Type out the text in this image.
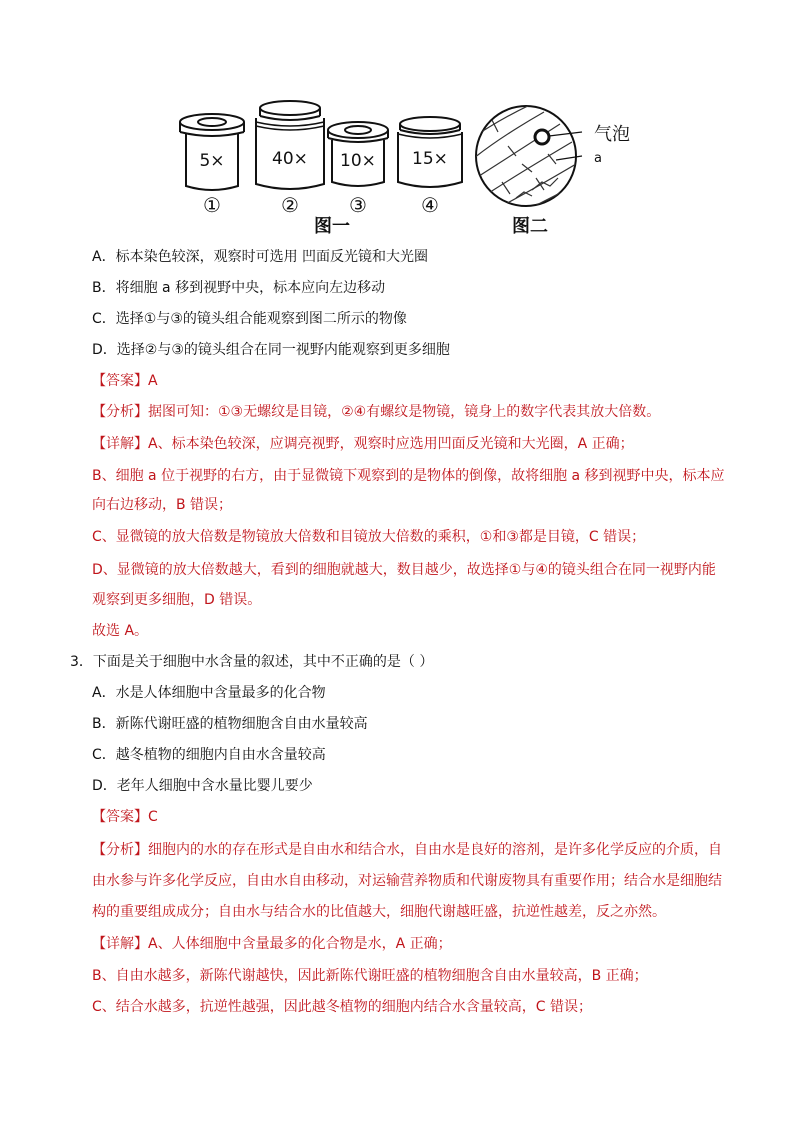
5×
①
40×
②
10×
③
15×
④
图一
气泡
a
图二
A．标本染色较深，观察时可选用 凹面反光镜和大光圈
B．将细胞 a 移到视野中央，标本应向左边移动
C．选择①与③的镜头组合能观察到图二所示的物像
D．选择②与③的镜头组合在同一视野内能观察到更多细胞
【答案】A
【分析】据图可知：①③无螺纹是目镜，②④有螺纹是物镜，镜身上的数字代表其放大倍数。
【详解】A、标本染色较深，应调亮视野，观察时应选用凹面反光镜和大光圈，A 正确；
B、细胞 a 位于视野的右方，由于显微镜下观察到的是物体的倒像，故将细胞 a 移到视野中央，标本应
向右边移动，B 错误；
C、显微镜的放大倍数是物镜放大倍数和目镜放大倍数的乘积，①和③都是目镜，C 错误；
D、显微镜的放大倍数越大，看到的细胞就越大，数目越少，故选择①与④的镜头组合在同一视野内能
观察到更多细胞，D 错误。
故选 A。
3．下面是关于细胞中水含量的叙述，其中不正确的是（ ）
A．水是人体细胞中含量最多的化合物
B．新陈代谢旺盛的植物细胞含自由水量较高
C．越冬植物的细胞内自由水含量较高
D．老年人细胞中含水量比婴儿要少
【答案】C
【分析】细胞内的水的存在形式是自由水和结合水，自由水是良好的溶剂，是许多化学反应的介质，自
由水参与许多化学反应，自由水自由移动，对运输营养物质和代谢废物具有重要作用；结合水是细胞结
构的重要组成成分；自由水与结合水的比值越大，细胞代谢越旺盛，抗逆性越差，反之亦然。
【详解】A、人体细胞中含量最多的化合物是水，A 正确；
B、自由水越多，新陈代谢越快，因此新陈代谢旺盛的植物细胞含自由水量较高，B 正确；
C、结合水越多，抗逆性越强，因此越冬植物的细胞内结合水含量较高，C 错误；
